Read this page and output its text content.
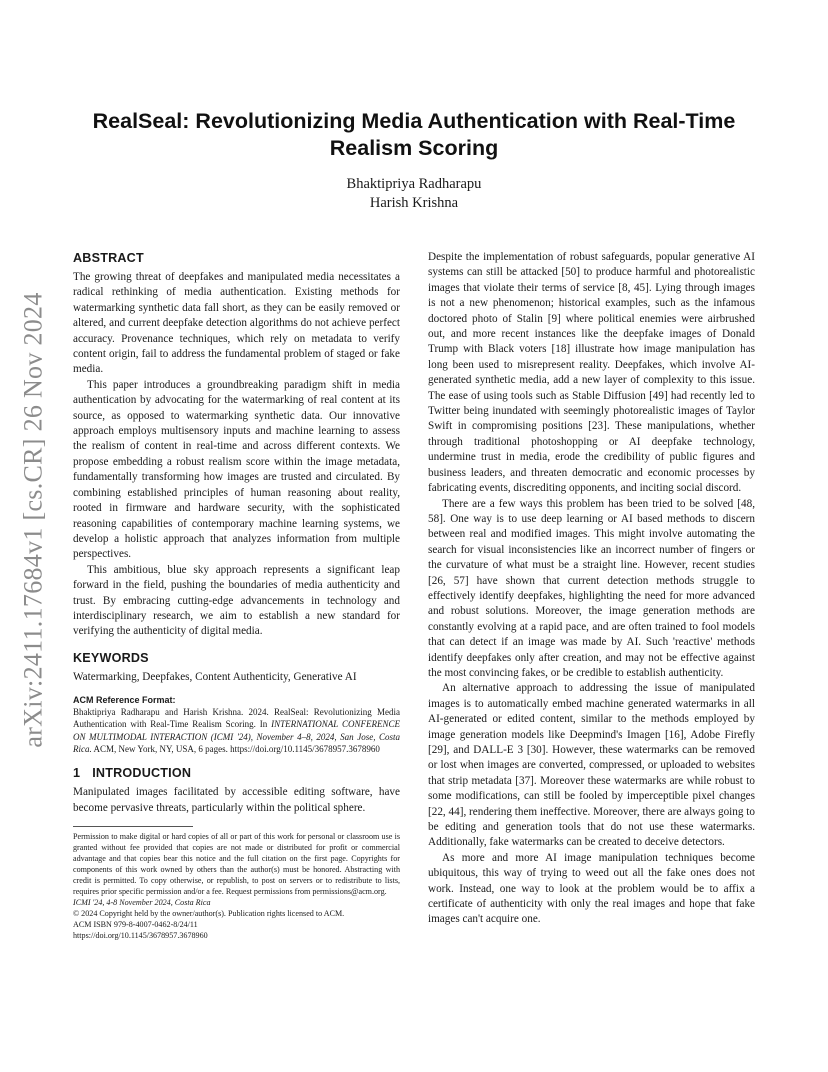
arXiv:2411.17684v1 [cs.CR] 26 Nov 2024
RealSeal: Revolutionizing Media Authentication with Real-Time Realism Scoring
Bhaktipriya Radharapu
Harish Krishna
ABSTRACT

The growing threat of deepfakes and manipulated media necessitates a radical rethinking of media authentication. Existing methods for watermarking synthetic data fall short, as they can be easily removed or altered, and current deepfake detection algorithms do not achieve perfect accuracy. Provenance techniques, which rely on metadata to verify content origin, fail to address the fundamental problem of staged or fake media.

This paper introduces a groundbreaking paradigm shift in media authentication by advocating for the watermarking of real content at its source, as opposed to watermarking synthetic data. Our innovative approach employs multisensory inputs and machine learning to assess the realism of content in real-time and across different contexts. We propose embedding a robust realism score within the image metadata, fundamentally transforming how images are trusted and circulated. By combining established principles of human reasoning about reality, rooted in firmware and hardware security, with the sophisticated reasoning capabilities of contemporary machine learning systems, we develop a holistic approach that analyzes information from multiple perspectives.

This ambitious, blue sky approach represents a significant leap forward in the field, pushing the boundaries of media authenticity and trust. By embracing cutting-edge advancements in technology and interdisciplinary research, we aim to establish a new standard for verifying the authenticity of digital media.

KEYWORDS

Watermarking, Deepfakes, Content Authenticity, Generative AI

ACM Reference Format:
Bhaktipriya Radharapu and Harish Krishna. 2024. RealSeal: Revolutionizing Media Authentication with Real-Time Realism Scoring. In INTERNATIONAL CONFERENCE ON MULTIMODAL INTERACTION (ICMI '24), November 4–8, 2024, San Jose, Costa Rica. ACM, New York, NY, USA, 6 pages. https://doi.org/10.1145/3678957.3678960
1 INTRODUCTION

Manipulated images facilitated by accessible editing software, have become pervasive threats, particularly within the political sphere.

Permission to make digital or hard copies of all or part of this work for personal or classroom use is granted without fee provided that copies are not made or distributed for profit or commercial advantage and that copies bear this notice and the full citation on the first page. Copyrights for components of this work owned by others than the author(s) must be honored. Abstracting with credit is permitted. To copy otherwise, or republish, to post on servers or to redistribute to lists, requires prior specific permission and/or a fee. Request permissions from permissions@acm.org.
ICMI '24, 4-8 November 2024, Costa Rica
© 2024 Copyright held by the owner/author(s). Publication rights licensed to ACM.
ACM ISBN 979-8-4007-0462-8/24/11
https://doi.org/10.1145/3678957.3678960

Despite the implementation of robust safeguards, popular generative AI systems can still be attacked [50] to produce harmful and photorealistic images that violate their terms of service [8, 45]. Lying through images is not a new phenomenon; historical examples, such as the infamous doctored photo of Stalin [9] where political enemies were airbrushed out, and more recent instances like the deepfake images of Donald Trump with Black voters [18] illustrate how image manipulation has long been used to misrepresent reality. Deepfakes, which involve AI-generated synthetic media, add a new layer of complexity to this issue. The ease of using tools such as Stable Diffusion [49] had recently led to Twitter being inundated with seemingly photorealistic images of Taylor Swift in compromising positions [23]. These manipulations, whether through traditional photoshopping or AI deepfake technology, undermine trust in media, erode the credibility of public figures and business leaders, and threaten democratic and economic processes by fabricating events, discrediting opponents, and inciting social discord.

There are a few ways this problem has been tried to be solved [48, 58]. One way is to use deep learning or AI based methods to discern between real and modified images. This might involve automating the search for visual inconsistencies like an incorrect number of fingers or the curvature of what must be a straight line. However, recent studies [26, 57] have shown that current detection methods struggle to effectively identify deepfakes, highlighting the need for more advanced and robust solutions. Moreover, the image generation methods are constantly evolving at a rapid pace, and are often trained to fool models that can detect if an image was made by AI. Such 'reactive' methods identify deepfakes only after creation, and may not be effective against the most convincing fakes, or be credible to establish authenticity.

An alternative approach to addressing the issue of manipulated images is to automatically embed machine generated watermarks in all AI-generated or edited content, similar to the methods employed by image generation models like Deepmind's Imagen [16], Adobe Firefly [29], and DALL-E 3 [30]. However, these watermarks can be removed or lost when images are converted, compressed, or uploaded to websites that strip metadata [37]. Moreover these watermarks are while robust to some modifications, can still be fooled by imperceptible pixel changes [22, 44], rendering them ineffective. Moreover, there are always going to be editing and generation tools that do not use these watermarks. Additionally, fake watermarks can be created to deceive detectors.

As more and more AI image manipulation techniques become ubiquitous, this way of trying to weed out all the fake ones does not work. Instead, one way to look at the problem would be to affix a certificate of authenticity with only the real images and hope that fake images can't acquire one.
